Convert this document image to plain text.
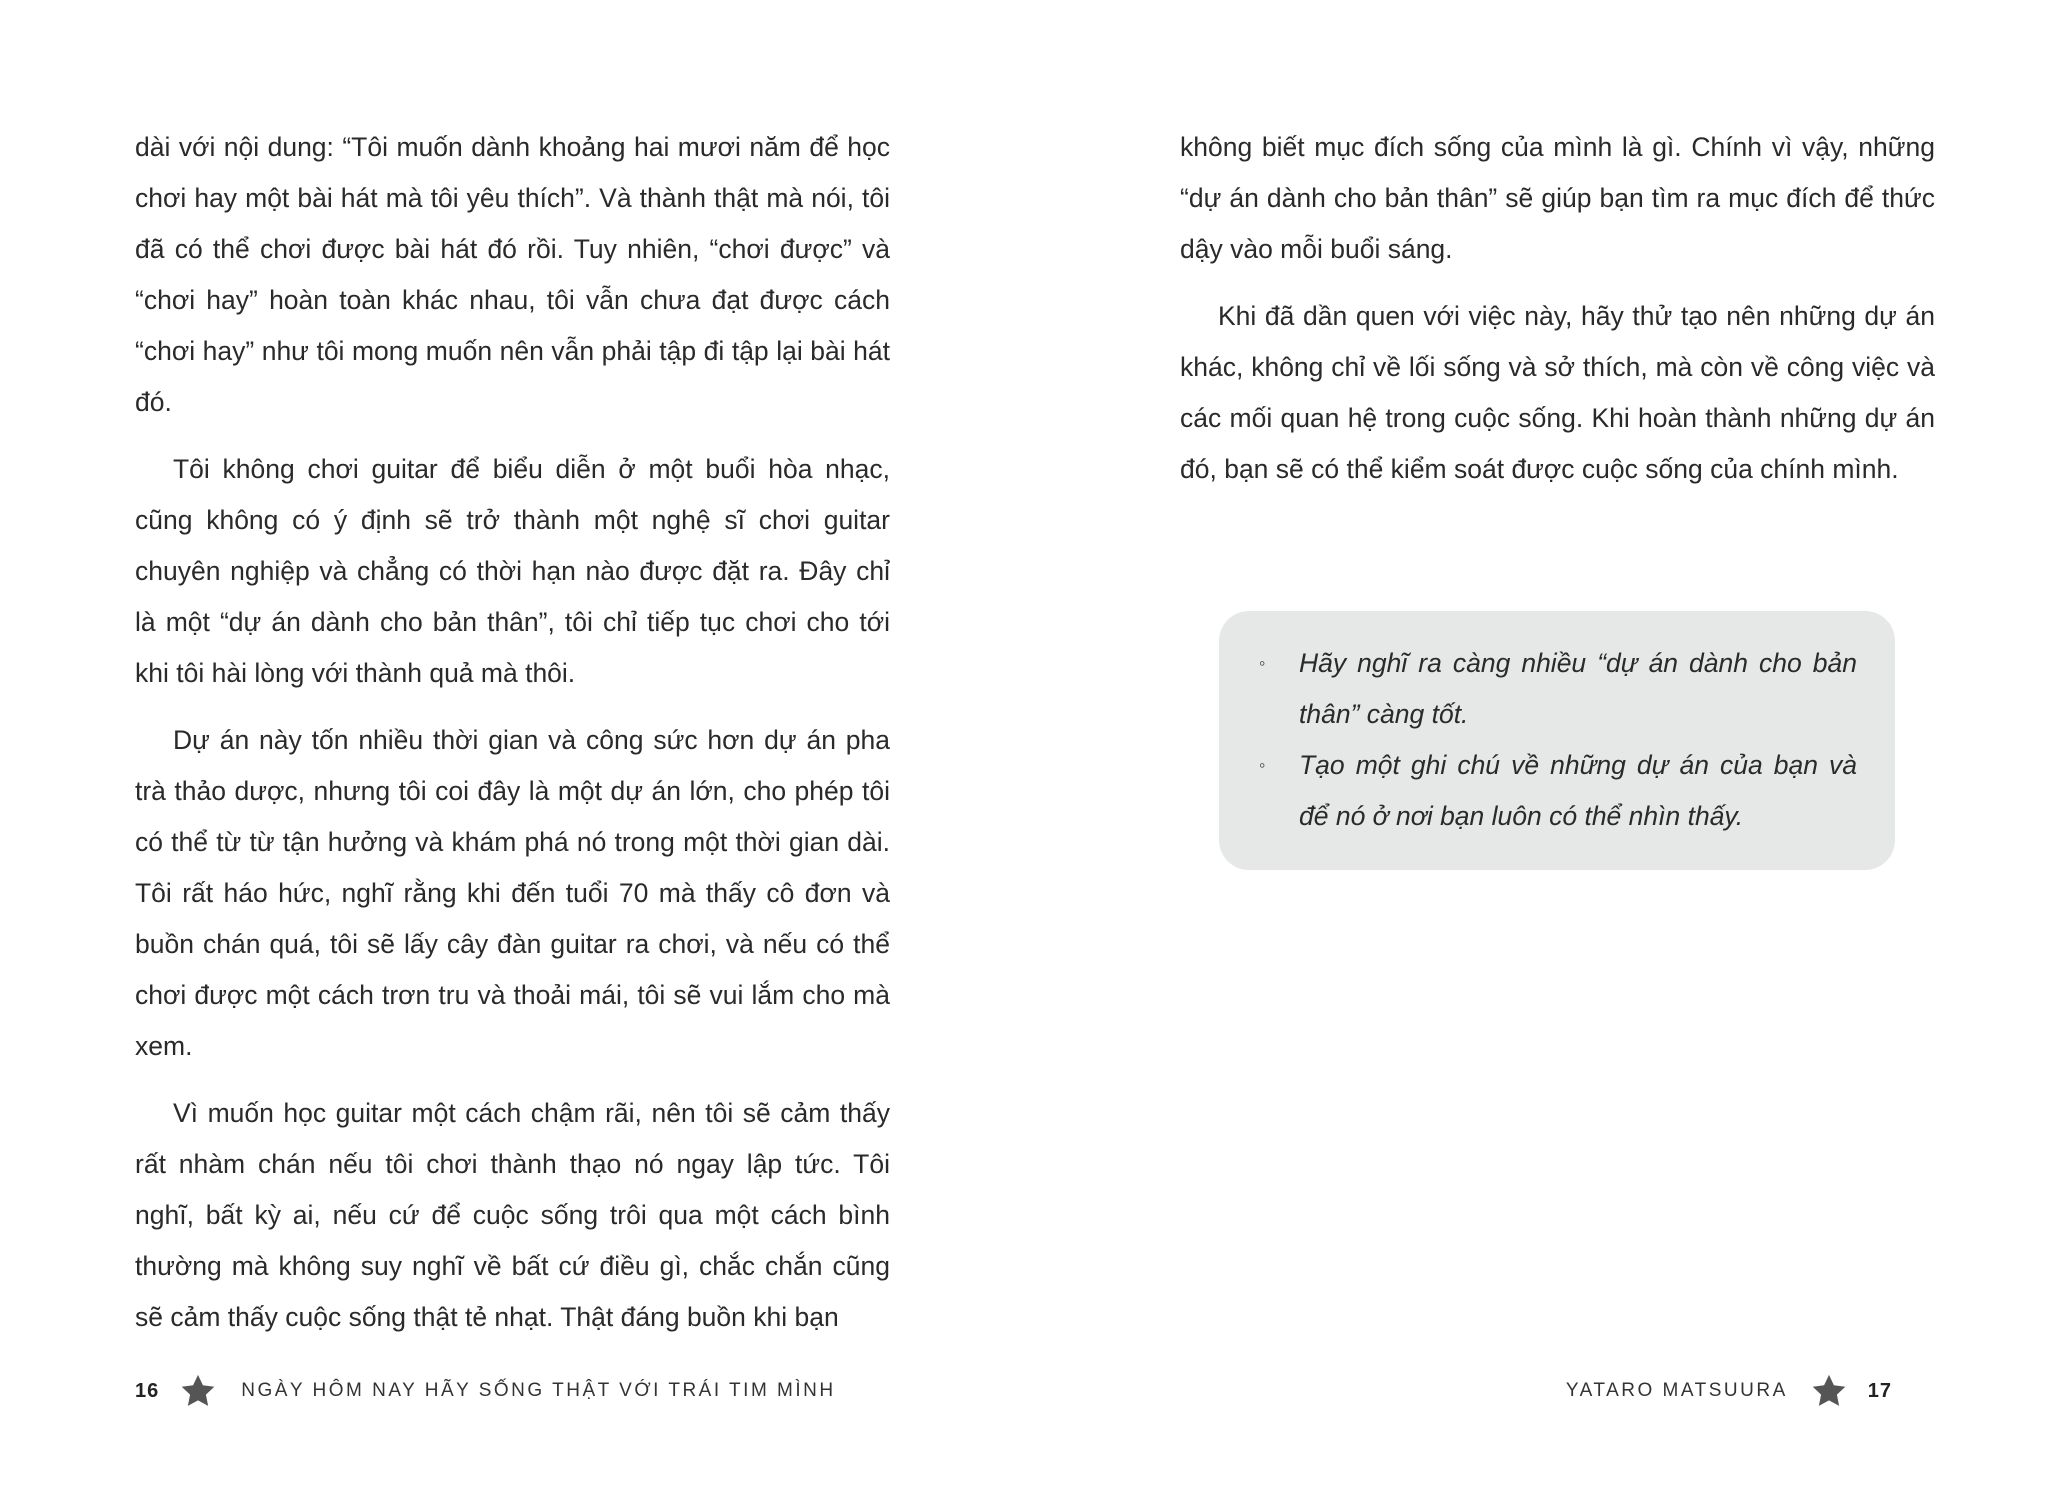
dài với nội dung: “Tôi muốn dành khoảng hai mươi năm để học chơi hay một bài hát mà tôi yêu thích”. Và thành thật mà nói, tôi đã có thể chơi được bài hát đó rồi. Tuy nhiên, “chơi được” và “chơi hay” hoàn toàn khác nhau, tôi vẫn chưa đạt được cách “chơi hay” như tôi mong muốn nên vẫn phải tập đi tập lại bài hát đó.

Tôi không chơi guitar để biểu diễn ở một buổi hòa nhạc, cũng không có ý định sẽ trở thành một nghệ sĩ chơi guitar chuyên nghiệp và chẳng có thời hạn nào được đặt ra. Đây chỉ là một “dự án dành cho bản thân”, tôi chỉ tiếp tục chơi cho tới khi tôi hài lòng với thành quả mà thôi.

Dự án này tốn nhiều thời gian và công sức hơn dự án pha trà thảo dược, nhưng tôi coi đây là một dự án lớn, cho phép tôi có thể từ từ tận hưởng và khám phá nó trong một thời gian dài. Tôi rất háo hức, nghĩ rằng khi đến tuổi 70 mà thấy cô đơn và buồn chán quá, tôi sẽ lấy cây đàn guitar ra chơi, và nếu có thể chơi được một cách trơn tru và thoải mái, tôi sẽ vui lắm cho mà xem.

Vì muốn học guitar một cách chậm rãi, nên tôi sẽ cảm thấy rất nhàm chán nếu tôi chơi thành thạo nó ngay lập tức. Tôi nghĩ, bất kỳ ai, nếu cứ để cuộc sống trôi qua một cách bình thường mà không suy nghĩ về bất cứ điều gì, chắc chắn cũng sẽ cảm thấy cuộc sống thật tẻ nhạt. Thật đáng buồn khi bạn

16	NGÀY HÔM NAY HÃY SỐNG THẬT VỚI TRÁI TIM MÌNH

không biết mục đích sống của mình là gì. Chính vì vậy, những “dự án dành cho bản thân” sẽ giúp bạn tìm ra mục đích để thức dậy vào mỗi buổi sáng.

Khi đã dần quen với việc này, hãy thử tạo nên những dự án khác, không chỉ về lối sống và sở thích, mà còn về công việc và các mối quan hệ trong cuộc sống. Khi hoàn thành những dự án đó, bạn sẽ có thể kiểm soát được cuộc sống của chính mình.

◦ Hãy nghĩ ra càng nhiều “dự án dành cho bản thân” càng tốt.
◦ Tạo một ghi chú về những dự án của bạn và để nó ở nơi bạn luôn có thể nhìn thấy.
YATARO MATSUURA	17
